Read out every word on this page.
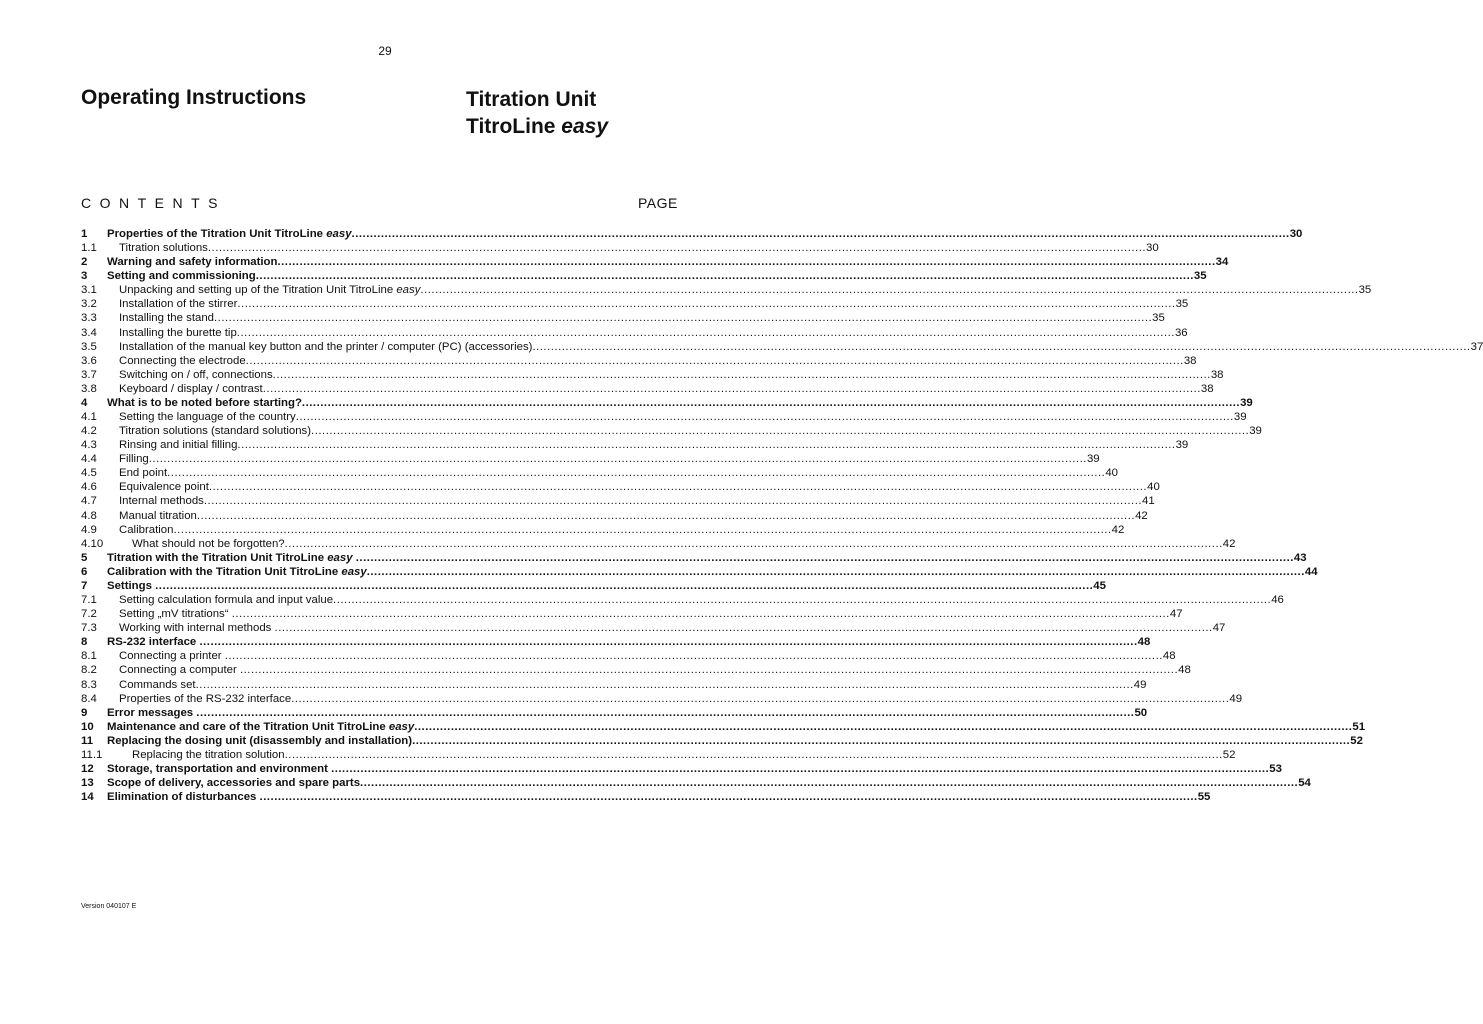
29
Operating Instructions	Titration Unit
TitroLine easy
CONTENTS	PAGE
1	Properties of the Titration Unit TitroLine easy .....	30
1.1	Titration solutions .....	30
2	Warning and safety information .....	34
3	Setting and commissioning .....	35
3.1	Unpacking and setting up of the Titration Unit TitroLine easy .....	35
3.2	Installation of the stirrer .....	35
3.3	Installing the stand .....	35
3.4	Installing the burette tip .....	36
3.5	Installation of the manual key button and the printer / computer (PC) (accessories) .....	37
3.6	Connecting the electrode .....	38
3.7	Switching on / off, connections .....	38
3.8	Keyboard / display / contrast .....	38
4	What is to be noted before starting? .....	39
4.1	Setting the language of the country .....	39
4.2	Titration solutions (standard solutions) .....	39
4.3	Rinsing and initial filling .....	39
4.4	Filling .....	39
4.5	End point .....	40
4.6	Equivalence point .....	40
4.7	Internal methods .....	41
4.8	Manual titration .....	42
4.9	Calibration .....	42
4.10	What should not be forgotten? .....	42
5	Titration with the Titration Unit TitroLine easy .....	43
6	Calibration with the Titration Unit TitroLine easy .....	44
7	Settings .....	45
7.1	Setting calculation formula and input value .....	46
7.2	Setting „mV titrations“ .....	47
7.3	Working with internal methods .....	47
8	RS-232 interface .....	48
8.1	Connecting a printer .....	48
8.2	Connecting a computer .....	48
8.3	Commands set .....	49
8.4	Properties of the RS-232 interface .....	49
9	Error messages .....	50
10	Maintenance and care of the Titration Unit TitroLine easy .....	51
11	Replacing the dosing unit (disassembly and installation) .....	52
11.1	Replacing the titration solution .....	52
12	Storage, transportation and environment .....	53
13	Scope of delivery, accessories and spare parts .....	54
14	Elimination of disturbances .....	55
Version 040107 E
